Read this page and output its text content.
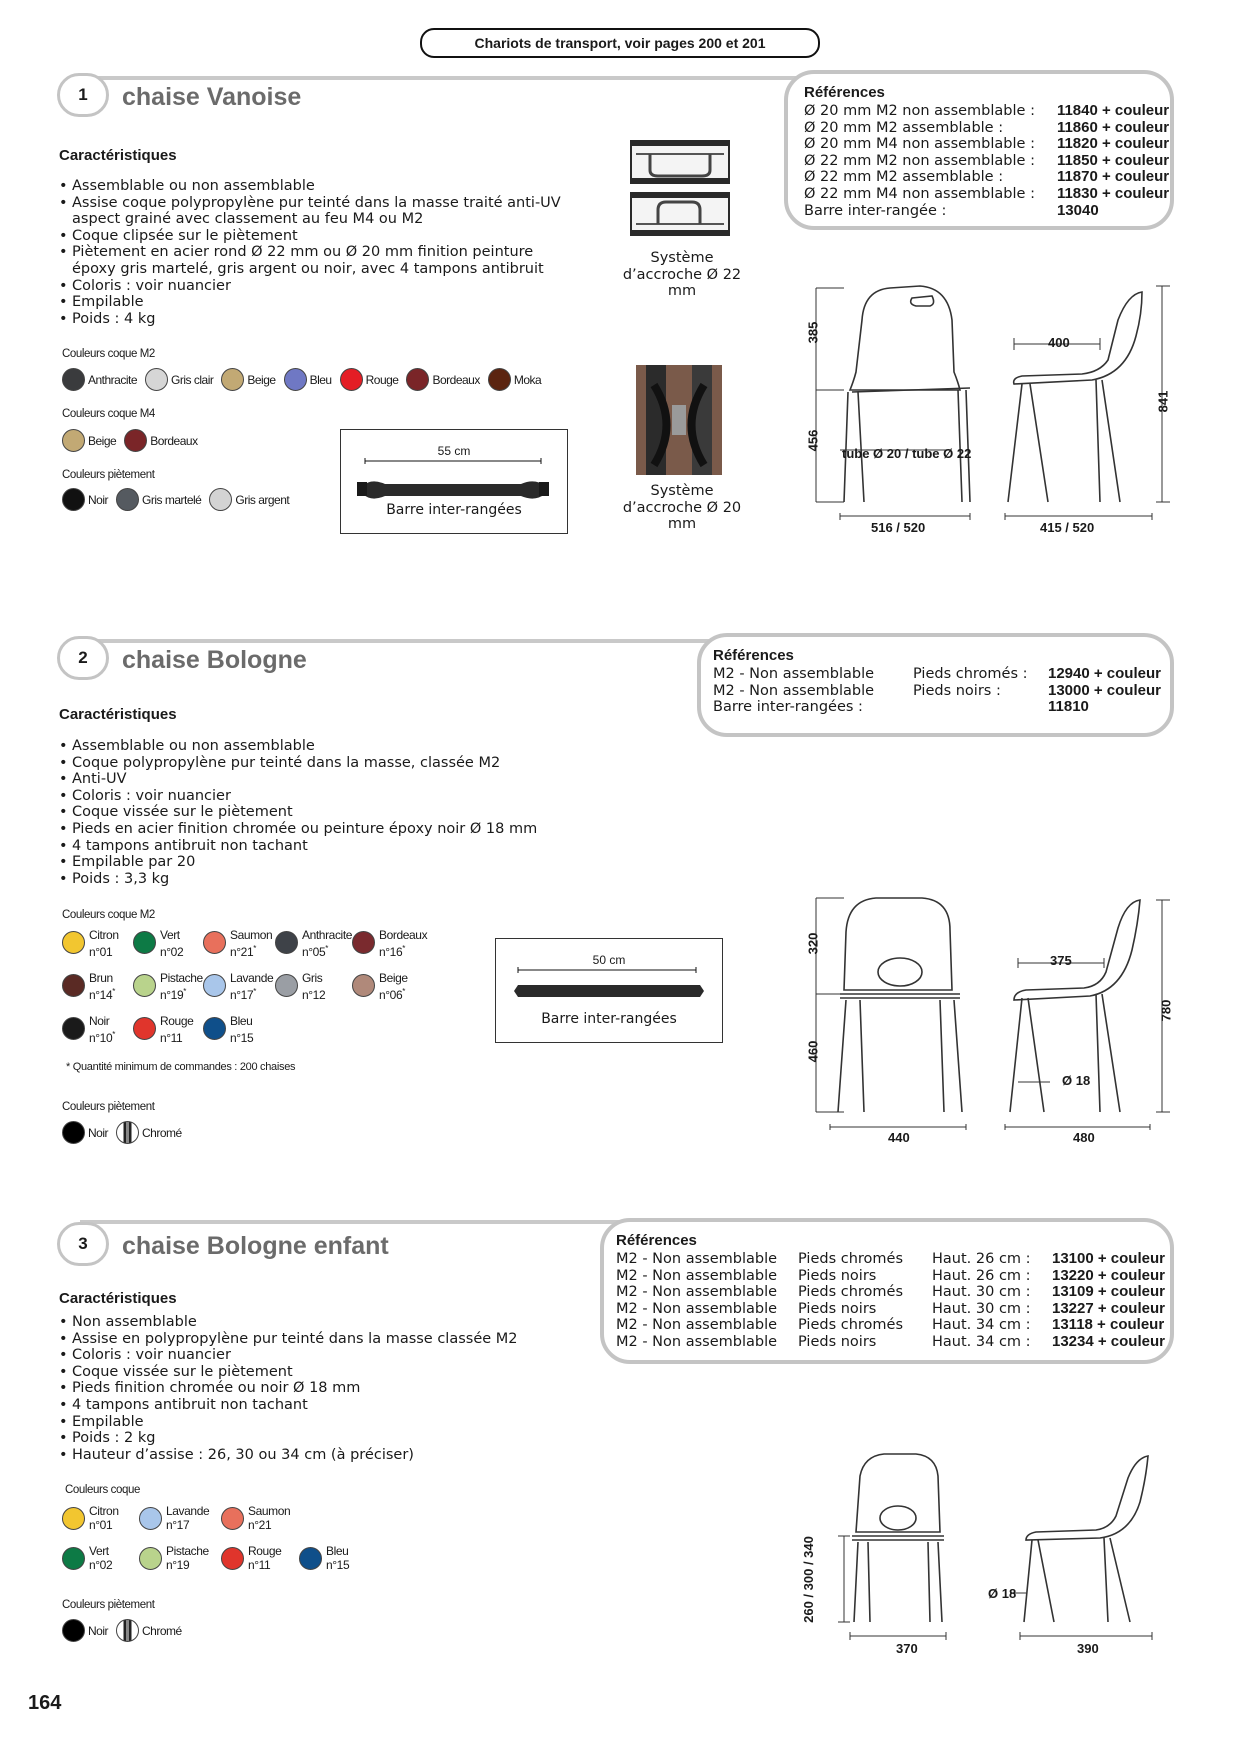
Chariots de transport, voir pages 200 et 201
1	chaise Vanoise
Caractéristiques
• Assemblable ou non assemblable
• Assise coque polypropylène pur teinté dans la masse traité anti-UV aspect grainé avec classement au feu M4 ou M2
• Coque clipsée sur le piètement
• Piètement en acier rond Ø 22 mm ou Ø 20 mm finition peinture époxy gris martelé, gris argent ou noir, avec 4 tampons antibruit
• Coloris : voir nuancier
• Empilable
• Poids : 4 kg
Références
Ø 20 mm M2 non assemblable :	11840 + couleur
Ø 20 mm M2 assemblable :	11860 + couleur
Ø 20 mm M4 non assemblable :	11820 + couleur
Ø 22 mm M2 non assemblable :	11850 + couleur
Ø 22 mm M2 assemblable :	11870 + couleur
Ø 22 mm M4 non assemblable :	11830 + couleur
Barre inter-rangée :	13040
Système d’accroche Ø 22 mm
Système d’accroche Ø 20 mm
Couleurs coque M2
Anthracite	Gris clair	Beige	Bleu	Rouge	Bordeaux	Moka
Couleurs coque M4
Beige	Bordeaux
Couleurs piètement
Noir	Gris martelé	Gris argent
55 cm
Barre inter-rangées
385
456
tube Ø 20 / tube Ø 22
516 / 520
400
841
415 / 520
2	chaise Bologne
Caractéristiques
• Assemblable ou non assemblable
• Coque polypropylène pur teinté dans la masse, classée M2
• Anti-UV
• Coloris : voir nuancier
• Coque vissée sur le piètement
• Pieds en acier finition chromée ou peinture époxy noir Ø 18 mm
• 4 tampons antibruit non tachant
• Empilable par 20
• Poids : 3,3 kg
Références
M2 - Non assemblable	Pieds chromés :	12940 + couleur
M2 - Non assemblable	Pieds noirs :	13000 + couleur
Barre inter-rangées :		11810
Couleurs coque M2
* Quantité minimum de commandes : 200 chaises
Couleurs piètement
Noir	Chromé
50 cm
Barre inter-rangées
320
460
440
375
780
Ø 18
480
3	chaise Bologne enfant
Caractéristiques
• Non assemblable
• Assise en polypropylène pur teinté dans la masse classée M2
• Coloris : voir nuancier
• Coque vissée sur le piètement
• Pieds finition chromée ou noir Ø 18 mm
• 4 tampons antibruit non tachant
• Empilable
• Poids : 2 kg
• Hauteur d’assise : 26, 30 ou 34 cm (à préciser)
Références
M2 - Non assemblable	Pieds chromés	Haut. 26 cm :	13100 + couleur
M2 - Non assemblable	Pieds noirs	Haut. 26 cm :	13220 + couleur
M2 - Non assemblable	Pieds chromés	Haut. 30 cm :	13109 + couleur
M2 - Non assemblable	Pieds noirs	Haut. 30 cm :	13227 + couleur
M2 - Non assemblable	Pieds chromés	Haut. 34 cm :	13118 + couleur
M2 - Non assemblable	Pieds noirs	Haut. 34 cm :	13234 + couleur
Couleurs coque
Couleurs piètement
Noir	Chromé
260 / 300 / 340
370
Ø 18
390
164
Citron
n°01
Vert
n°02
Saumon
n°21*
Anthracite
n°05*
Bordeaux
n°16*
Brun
n°14*
Pistache
n°19*
Lavande
n°17*
Gris
n°12
Beige
n°06*
Noir
n°10*
Rouge
n°11
Bleu
n°15
Citron
n°01
Lavande
n°17
Saumon
n°21
Vert
n°02
Pistache
n°19
Rouge
n°11
Bleu
n°15
